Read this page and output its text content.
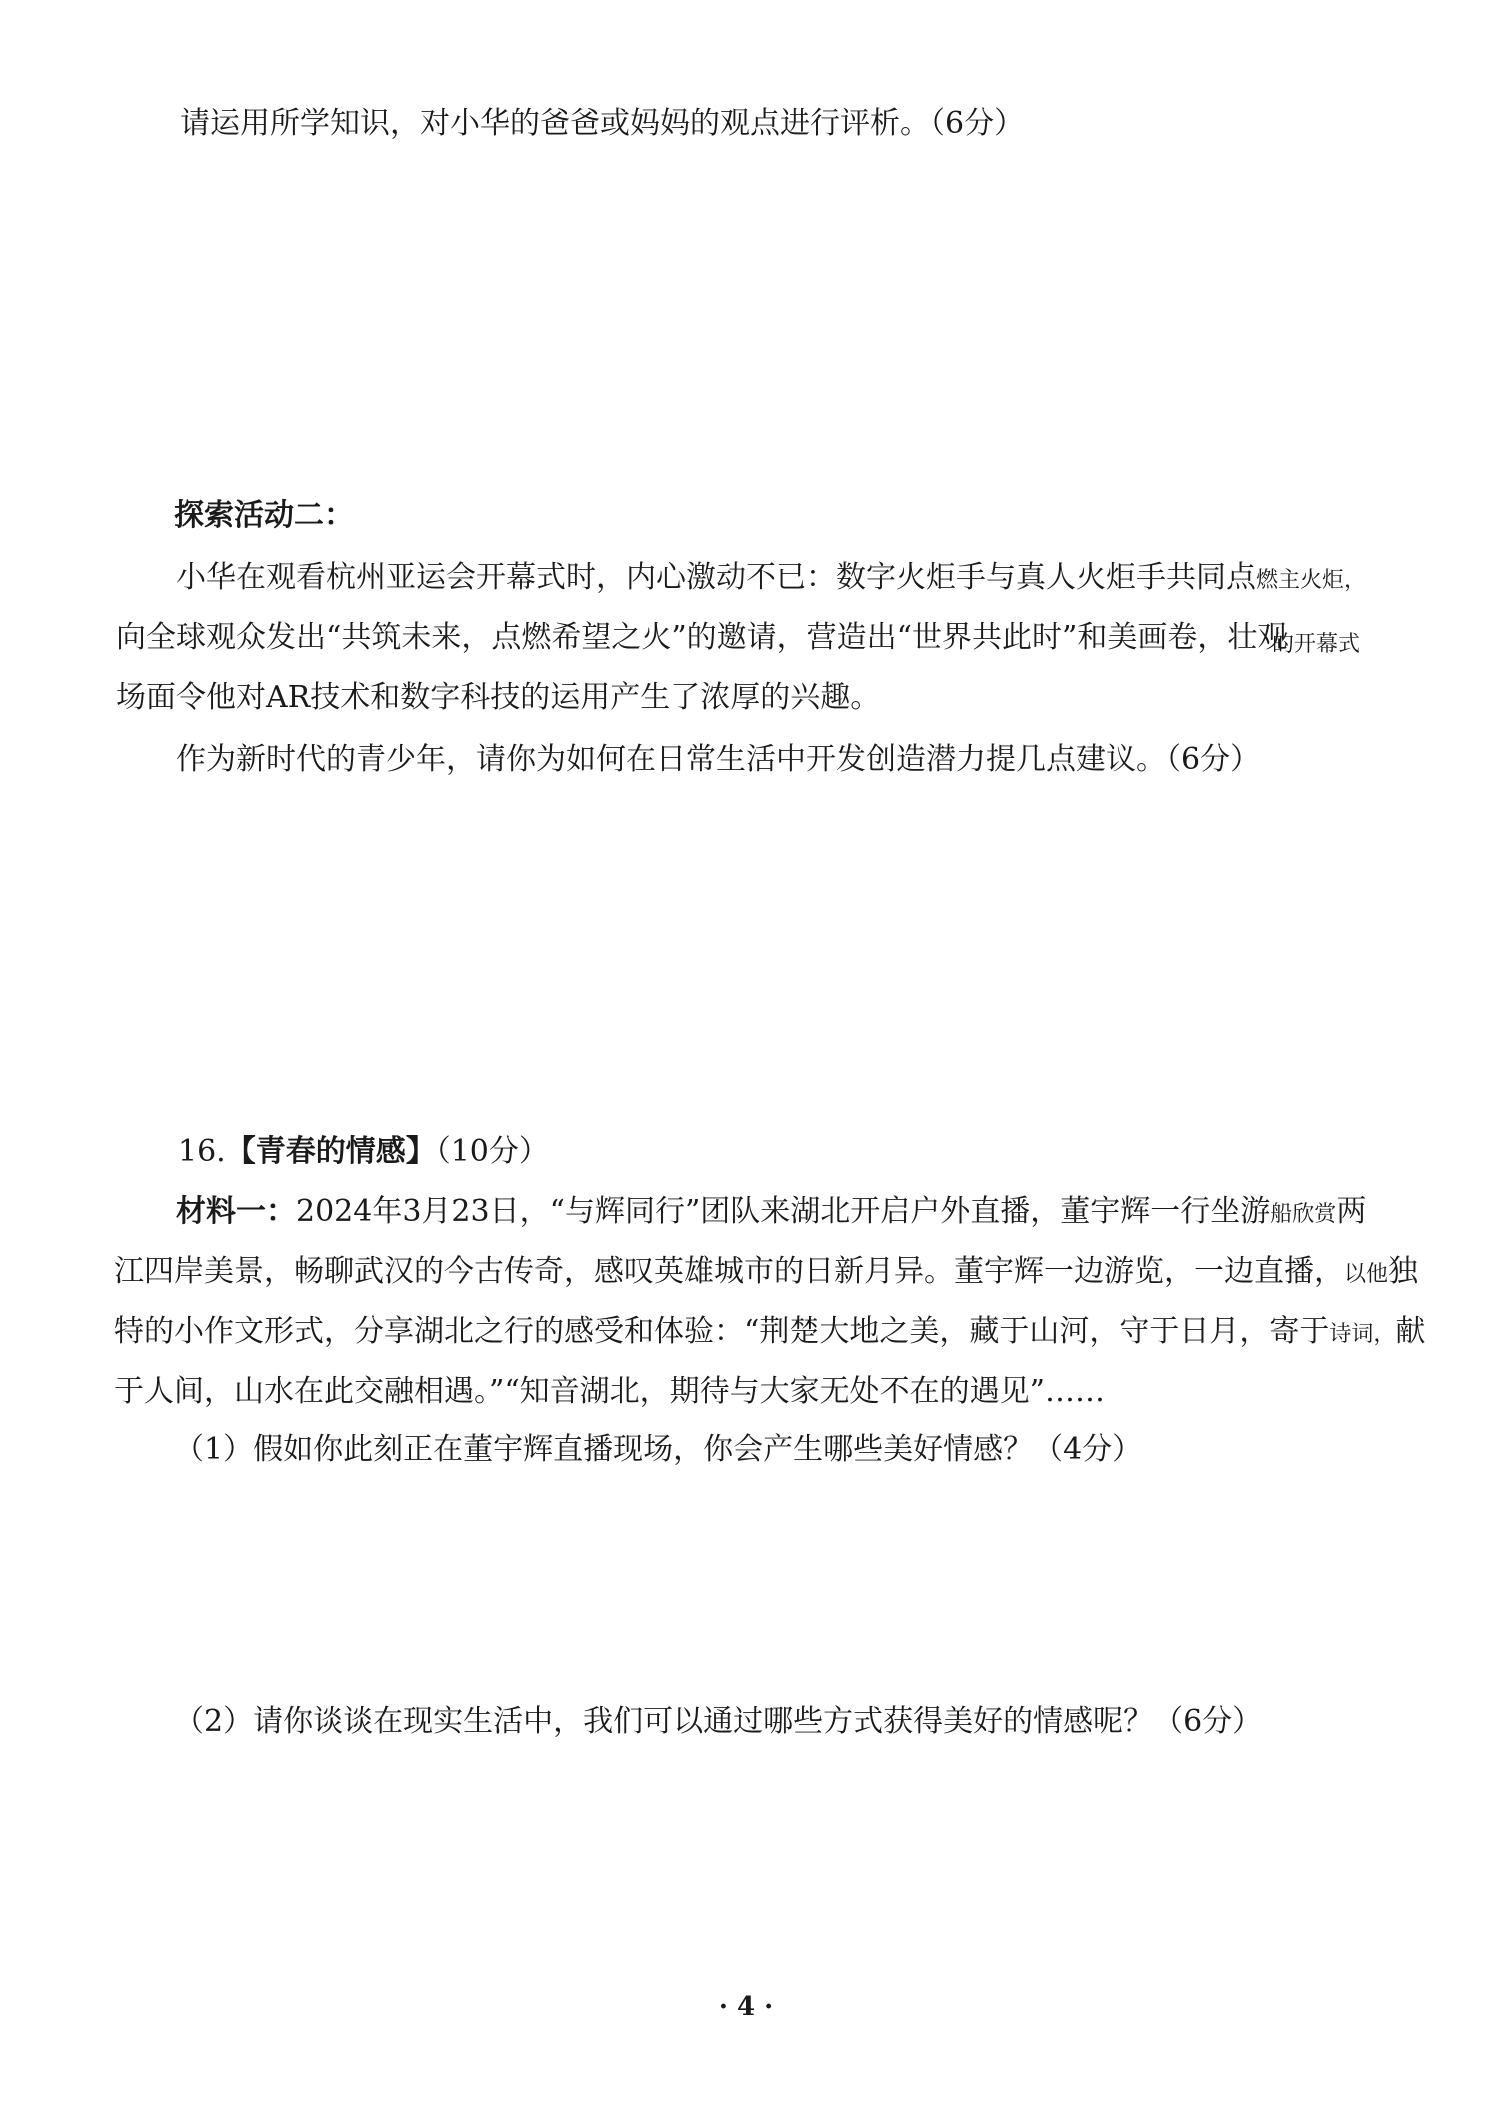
请运用所学知识，对小华的爸爸或妈妈的观点进行评析。（6分）
探索活动二：
小华在观看杭州亚运会开幕式时，内心激动不已：数字火炬手与真人火炬手共同点燃主火炬，
向全球观众发出“共筑未来，点燃希望之火”的邀请，营造出“世界共此时”和美画卷，壮观
的开幕式
场面令他对AR技术和数字科技的运用产生了浓厚的兴趣。
作为新时代的青少年，请你为如何在日常生活中开发创造潜力提几点建议。（6分）
16.【青春的情感】（10分）
材料一：2024年3月23日，“与辉同行”团队来湖北开启户外直播，董宇辉一行坐游船欣赏两
江四岸美景，畅聊武汉的今古传奇，感叹英雄城市的日新月异。董宇辉一边游览，一边直播，以他独
特的小作文形式，分享湖北之行的感受和体验：“荆楚大地之美，藏于山河，守于日月，寄于诗词，献
于人间，山水在此交融相遇。”“知音湖北，期待与大家无处不在的遇见”……
（1）假如你此刻正在董宇辉直播现场，你会产生哪些美好情感？（4分）
（2）请你谈谈在现实生活中，我们可以通过哪些方式获得美好的情感呢？（6分）
· 4 ·
